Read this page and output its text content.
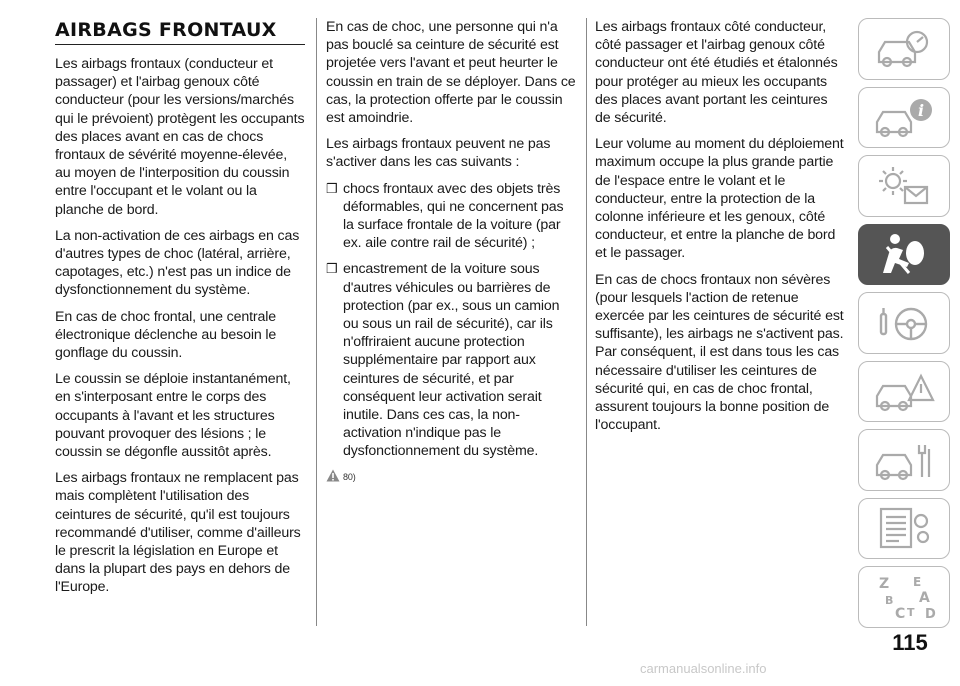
AIRBAGS FRONTAUX

Les airbags frontaux (conducteur et passager) et l'airbag genoux côté conducteur (pour les versions/marchés qui le prévoient) protègent les occupants des places avant en cas de chocs frontaux de sévérité moyenne-élevée, au moyen de l'interposition du coussin entre l'occupant et le volant ou la planche de bord.

La non-activation de ces airbags en cas d'autres types de choc (latéral, arrière, capotages, etc.) n'est pas un indice de dysfonctionnement du système.

En cas de choc frontal, une centrale électronique déclenche au besoin le gonflage du coussin.

Le coussin se déploie instantanément, en s'interposant entre le corps des occupants à l'avant et les structures pouvant provoquer des lésions ; le coussin se dégonfle aussitôt après.

Les airbags frontaux ne remplacent pas mais complètent l'utilisation des ceintures de sécurité, qu'il est toujours recommandé d'utiliser, comme d'ailleurs le prescrit la législation en Europe et dans la plupart des pays en dehors de l'Europe.

En cas de choc, une personne qui n'a pas bouclé sa ceinture de sécurité est projetée vers l'avant et peut heurter le coussin en train de se déployer. Dans ce cas, la protection offerte par le coussin est amoindrie.

Les airbags frontaux peuvent ne pas s'activer dans les cas suivants :

❒ chocs frontaux avec des objets très déformables, qui ne concernent pas la surface frontale de la voiture (par ex. aile contre rail de sécurité) ;
❒ encastrement de la voiture sous d'autres véhicules ou barrières de protection (par ex., sous un camion ou sous un rail de sécurité), car ils n'offriraient aucune protection supplémentaire par rapport aux ceintures de sécurité, et par conséquent leur activation serait inutile. Dans ces cas, la non-activation n'indique pas le dysfonctionnement du système.
80)

Les airbags frontaux côté conducteur, côté passager et l'airbag genoux côté conducteur ont été étudiés et étalonnés pour protéger au mieux les occupants des places avant portant les ceintures de sécurité.

Leur volume au moment du déploiement maximum occupe la plus grande partie de l'espace entre le volant et le conducteur, entre la protection de la colonne inférieure et les genoux, côté conducteur, et entre la planche de bord et le passager.

En cas de chocs frontaux non sévères (pour lesquels l'action de retenue exercée par les ceintures de sécurité est suffisante), les airbags ne s'activent pas. Par conséquent, il est dans tous les cas nécessaire d'utiliser les ceintures de sécurité qui, en cas de choc frontal, assurent toujours la bonne position de l'occupant.

i
Z E
A
B
C T D
115
carmanualsonline.info
